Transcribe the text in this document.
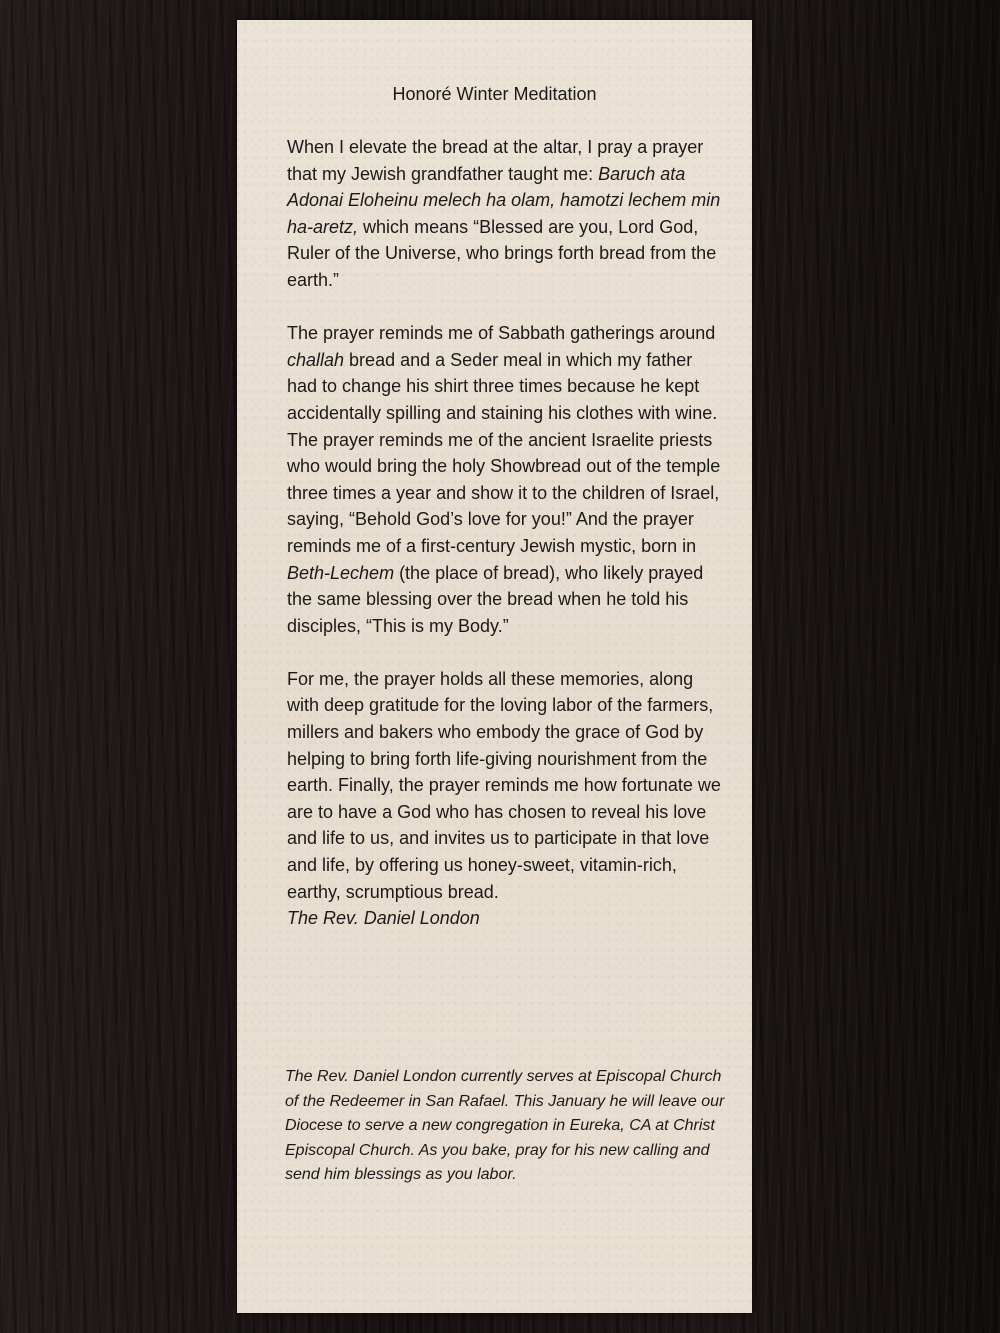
Honoré Winter Meditation

When I elevate the bread at the altar, I pray a prayer that my Jewish grandfather taught me: Baruch ata Adonai Eloheinu melech ha olam, hamotzi lechem min ha-aretz, which means “Blessed are you, Lord God, Ruler of the Universe, who brings forth bread from the earth.”

The prayer reminds me of Sabbath gatherings around challah bread and a Seder meal in which my father had to change his shirt three times because he kept accidentally spilling and staining his clothes with wine. The prayer reminds me of the ancient Israelite priests who would bring the holy Showbread out of the temple three times a year and show it to the children of Israel, saying, “Behold God’s love for you!” And the prayer reminds me of a first-century Jewish mystic, born in Beth-Lechem (the place of bread), who likely prayed the same blessing over the bread when he told his disciples, “This is my Body.”

For me, the prayer holds all these memories, along with deep gratitude for the loving labor of the farmers, millers and bakers who embody the grace of God by helping to bring forth life-giving nourishment from the earth. Finally, the prayer reminds me how fortunate we are to have a God who has chosen to reveal his love and life to us, and invites us to participate in that love and life, by offering us honey-sweet, vitamin-rich, earthy, scrumptious bread.
The Rev. Daniel London

The Rev. Daniel London currently serves at Episcopal Church of the Redeemer in San Rafael. This January he will leave our Diocese to serve a new congregation in Eureka, CA at Christ Episcopal Church. As you bake, pray for his new calling and send him blessings as you labor.
